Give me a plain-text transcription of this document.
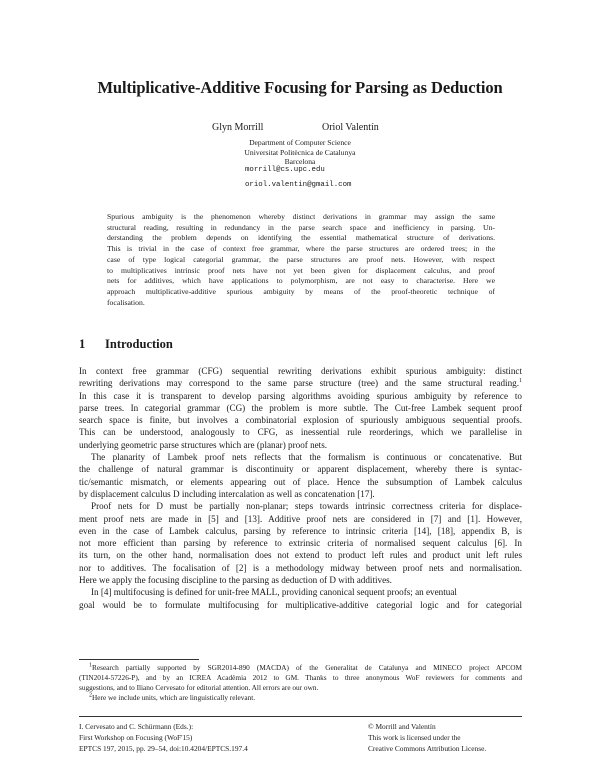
Multiplicative-Additive Focusing for Parsing as Deduction
Glyn Morrill	Oriol Valentín
Department of Computer Science
Universitat Politècnica de Catalunya
Barcelona
morrill@cs.upc.edu
oriol.valentin@gmail.com
Spurious ambiguity is the phenomenon whereby distinct derivations in grammar may assign the same
structural reading, resulting in redundancy in the parse search space and inefficiency in parsing. Un-
derstanding the problem depends on identifying the essential mathematical structure of derivations.
This is trivial in the case of context free grammar, where the parse structures are ordered trees; in the
case of type logical categorial grammar, the parse structures are proof nets. However, with respect
to multiplicatives intrinsic proof nets have not yet been given for displacement calculus, and proof
nets for additives, which have applications to polymorphism, are not easy to characterise. Here we
approach multiplicative-additive spurious ambiguity by means of the proof-theoretic technique of
focalisation.
1 Introduction
In context free grammar (CFG) sequential rewriting derivations exhibit spurious ambiguity: distinct
rewriting derivations may correspond to the same parse structure (tree) and the same structural reading.$^1$
In this case it is transparent to develop parsing algorithms avoiding spurious ambiguity by reference to
parse trees. In categorial grammar (CG) the problem is more subtle. The Cut-free Lambek sequent proof
search space is finite, but involves a combinatorial explosion of spuriously ambiguous sequential proofs.
This can be understood, analogously to CFG, as inessential rule reorderings, which we parallelise in
underlying geometric parse structures which are (planar) proof nets.
The planarity of Lambek proof nets reflects that the formalism is continuous or concatenative. But
the challenge of natural grammar is discontinuity or apparent displacement, whereby there is syntac-
tic/semantic mismatch, or elements appearing out of place. Hence the subsumption of Lambek calculus
by displacement calculus D including intercalation as well as concatenation [17].
Proof nets for D must be partially non-planar; steps towards intrinsic correctness criteria for displace-
ment proof nets are made in [5] and [13]. Additive proof nets are considered in [7] and [1]. However,
even in the case of Lambek calculus, parsing by reference to intrinsic criteria [14], [18], appendix B, is
not more efficient than parsing by reference to extrinsic criteria of normalised sequent calculus [6]. In
its turn, on the other hand, normalisation does not extend to product left rules and product unit left rules
nor to additives. The focalisation of [2] is a methodology midway between proof nets and normalisation.
Here we apply the focusing discipline to the parsing as deduction of D with additives.
In [4] multifocusing is defined for unit-free MALL, providing canonical sequent proofs; an eventual
goal would be to formulate multifocusing for multiplicative-additive categorial logic and for categorial
$^1$Research partially supported by SGR2014-890 (MACDA) of the Generalitat de Catalunya and MINECO project APCOM
(TIN2014-57226-P), and by an ICREA Acadèmia 2012 to GM. Thanks to three anonymous WoF reviewers for comments and
suggestions, and to Iliano Cervesato for editorial attention. All errors are our own.
$^2$Here we include units, which are linguistically relevant.
I. Cervesato and C. Schürmann (Eds.):
First Workshop on Focusing (WoF'15)
EPTCS 197, 2015, pp. 29–54, doi:10.4204/EPTCS.197.4
© Morrill and Valentín
This work is licensed under the
Creative Commons Attribution License.
